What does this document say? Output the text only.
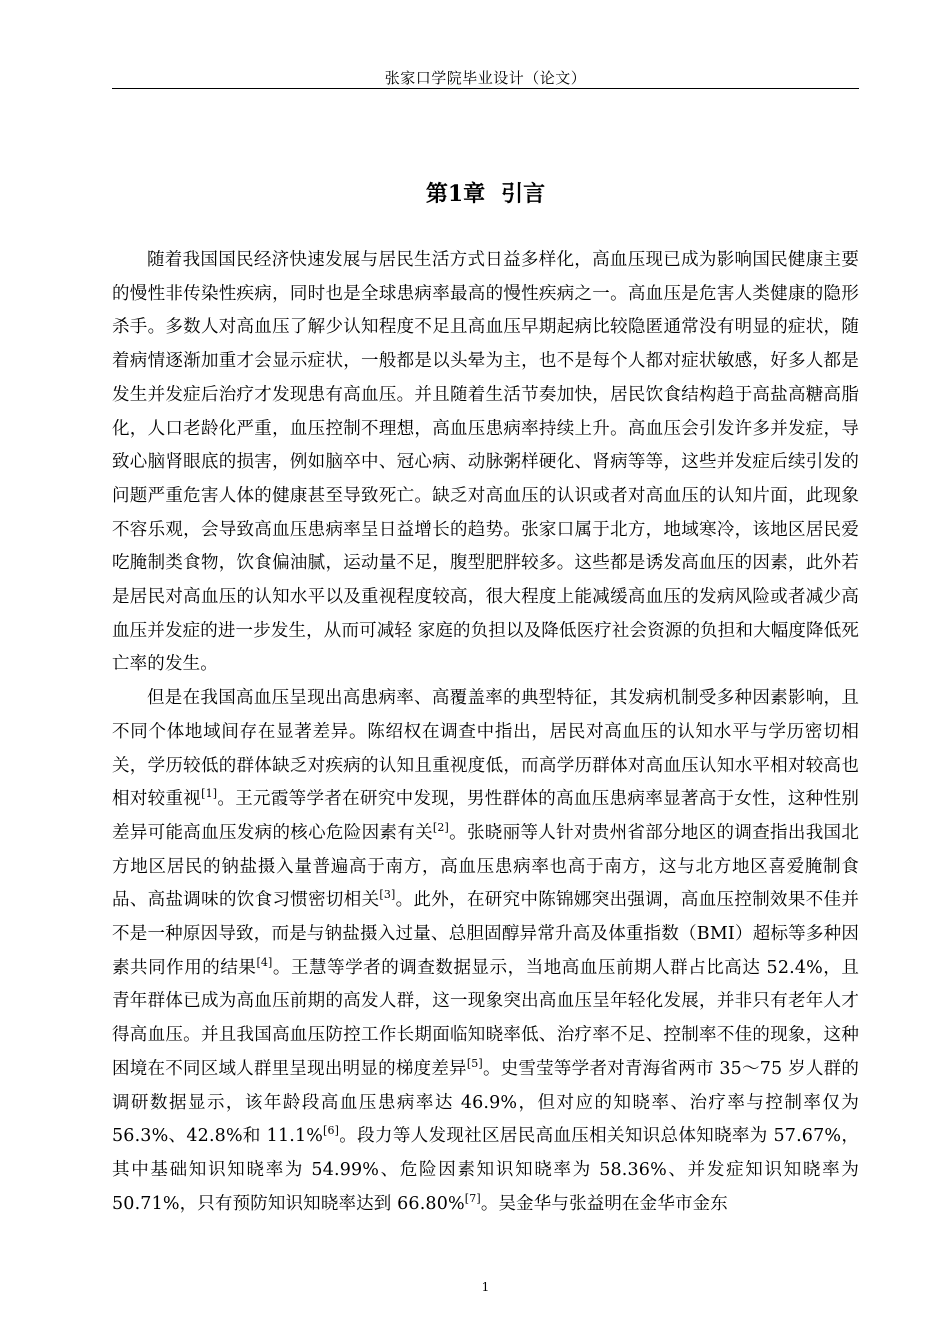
张家口学院毕业设计（论文）
第1章 引言

随着我国国民经济快速发展与居民生活方式日益多样化，高血压现已成为影响国民健康主要的慢性非传染性疾病，同时也是全球患病率最高的慢性疾病之一。高血压是危害人类健康的隐形杀手。多数人对高血压了解少认知程度不足且高血压早期起病比较隐匿通常没有明显的症状，随着病情逐渐加重才会显示症状，一般都是以头晕为主，也不是每个人都对症状敏感，好多人都是发生并发症后治疗才发现患有高血压。并且随着生活节奏加快，居民饮食结构趋于高盐高糖高脂化，人口老龄化严重，血压控制不理想，高血压患病率持续上升。高血压会引发许多并发症，导致心脑肾眼底的损害，例如脑卒中、冠心病、动脉粥样硬化、肾病等等，这些并发症后续引发的问题严重危害人体的健康甚至导致死亡。缺乏对高血压的认识或者对高血压的认知片面，此现象不容乐观，会导致高血压患病率呈日益增长的趋势。张家口属于北方，地域寒冷，该地区居民爱吃腌制类食物，饮食偏油腻，运动量不足，腹型肥胖较多。这些都是诱发高血压的因素，此外若是居民对高血压的认知水平以及重视程度较高，很大程度上能减缓高血压的发病风险或者减少高血压并发症的进一步发生，从而可减轻 家庭的负担以及降低医疗社会资源的负担和大幅度降低死亡率的发生。

但是在我国高血压呈现出高患病率、高覆盖率的典型特征，其发病机制受多种因素影响，且不同个体地域间存在显著差异。陈绍权在调查中指出，居民对高血压的认知水平与学历密切相关，学历较低的群体缺乏对疾病的认知且重视度低，而高学历群体对高血压认知水平相对较高也相对较重视[1]。王元霞等学者在研究中发现，男性群体的高血压患病率显著高于女性，这种性别差异可能高血压发病的核心危险因素有关[2]。张晓丽等人针对贵州省部分地区的调查指出我国北方地区居民的钠盐摄入量普遍高于南方，高血压患病率也高于南方，这与北方地区喜爱腌制食品、高盐调味的饮食习惯密切相关[3]。此外，在研究中陈锦娜突出强调，高血压控制效果不佳并不是一种原因导致，而是与钠盐摄入过量、总胆固醇异常升高及体重指数（BMI）超标等多种因素共同作用的结果[4]。王慧等学者的调查数据显示，当地高血压前期人群占比高达 52.4%，且青年群体已成为高血压前期的高发人群，这一现象突出高血压呈年轻化发展，并非只有老年人才得高血压。并且我国高血压防控工作长期面临知晓率低、治疗率不足、控制率不佳的现象，这种困境在不同区域人群里呈现出明显的梯度差异[5]。史雪莹等学者对青海省两市 35～75 岁人群的调研数据显示，该年龄段高血压患病率达 46.9%，但对应的知晓率、治疗率与控制率仅为 56.3%、42.8%和 11.1%[6]。段力等人发现社区居民高血压相关知识总体知晓率为 57.67%，其中基础知识知晓率为 54.99%、危险因素知识知晓率为 58.36%、并发症知识知晓率为 50.71%，只有预防知识知晓率达到 66.80%[7]。吴金华与张益明在金华市金东

1
